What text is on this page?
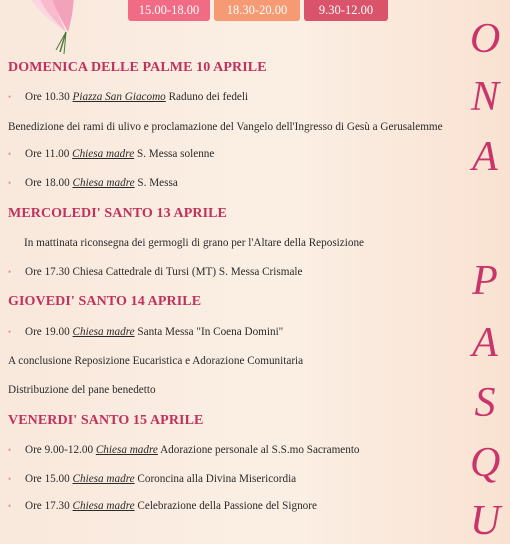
15.00-18.00	18.30-20.00	9.30-12.00
O
N
A
P
A
S
Q
U
DOMENICA DELLE PALME 10 APRILE
• Ore 10.30 Piazza San Giacomo Raduno dei fedeli
Benedizione dei rami di ulivo e proclamazione del Vangelo dell'Ingresso di Gesù a Gerusalemme
• Ore 11.00 Chiesa madre S. Messa solenne
• Ore 18.00 Chiesa madre S. Messa
MERCOLEDI' SANTO 13 APRILE
In mattinata riconsegna dei germogli di grano per l'Altare della Reposizione
• Ore 17.30 Chiesa Cattedrale di Tursi (MT) S. Messa Crismale
GIOVEDI' SANTO 14 APRILE
• Ore 19.00 Chiesa madre Santa Messa "In Coena Domini"
A conclusione Reposizione Eucaristica e Adorazione Comunitaria
Distribuzione del pane benedetto
VENERDI' SANTO 15 APRILE
• Ore 9.00-12.00 Chiesa madre Adorazione personale al S.S.mo Sacramento
• Ore 15.00 Chiesa madre Coroncina alla Divina Misericordia
• Ore 17.30 Chiesa madre Celebrazione della Passione del Signore
